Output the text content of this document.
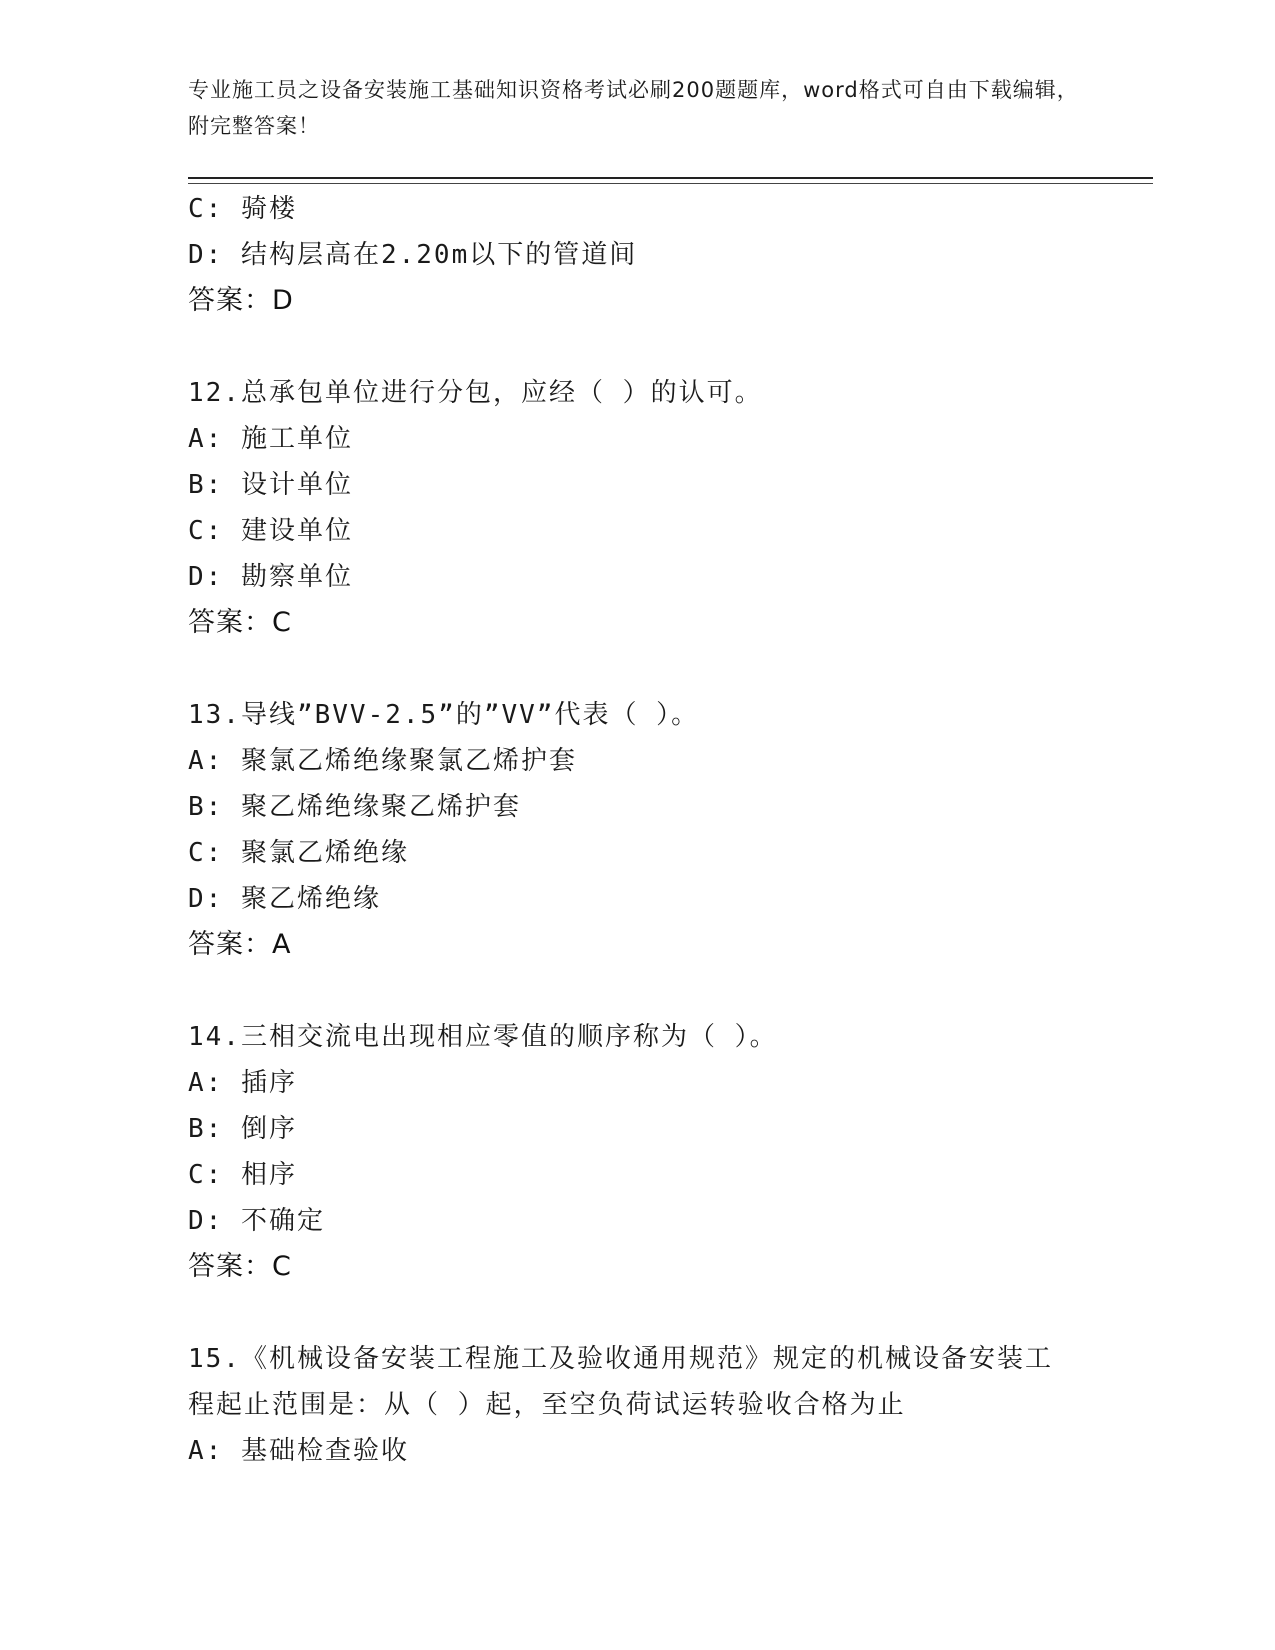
专业施工员之设备安装施工基础知识资格考试必刷200题题库，word格式可自由下载编辑，附完整答案！
C: 骑楼
D: 结构层高在2.20m以下的管道间
答案：D
12.总承包单位进行分包，应经（ ）的认可。
A: 施工单位
B: 设计单位
C: 建设单位
D: 勘察单位
答案：C
13.导线”BVV-2.5”的”VV”代表（ ）。
A: 聚氯乙烯绝缘聚氯乙烯护套
B: 聚乙烯绝缘聚乙烯护套
C: 聚氯乙烯绝缘
D: 聚乙烯绝缘
答案：A
14.三相交流电出现相应零值的顺序称为（ ）。
A: 插序
B: 倒序
C: 相序
D: 不确定
答案：C
15.《机械设备安装工程施工及验收通用规范》规定的机械设备安装工
程起止范围是：从（ ）起，至空负荷试运转验收合格为止
A: 基础检查验收
